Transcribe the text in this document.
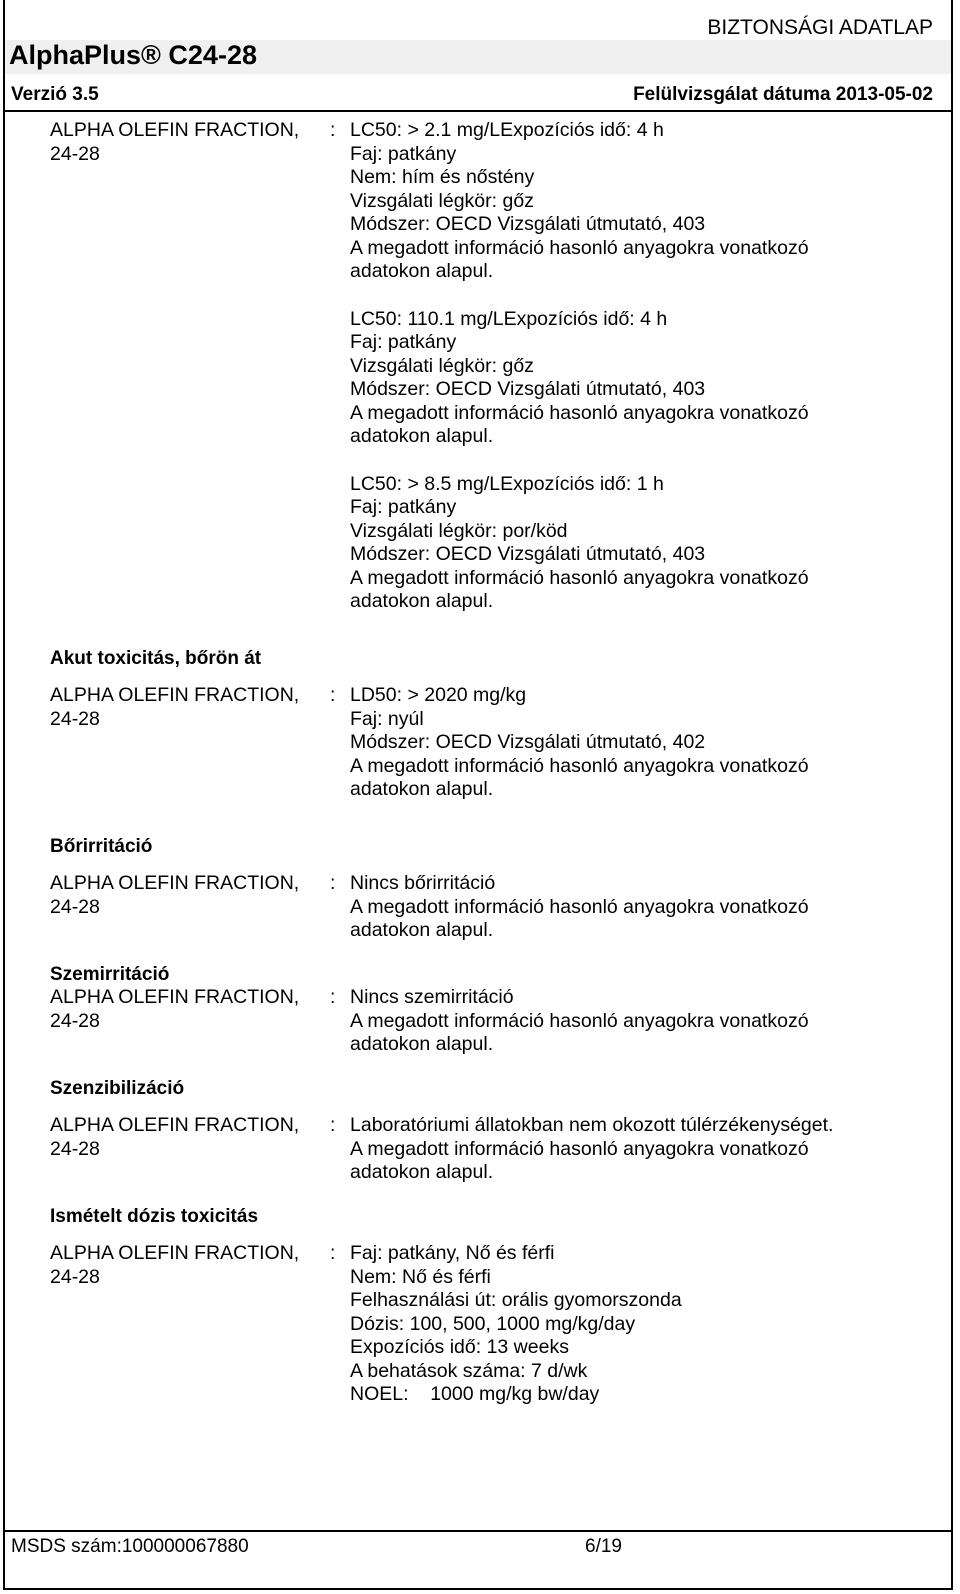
BIZTONSÁGI ADATLAP
AlphaPlus® C24-28
Verzió 3.5	Felülvizsgálat dátuma 2013-05-02

ALPHA OLEFIN FRACTION,

24-28

: LC50: > 2.1 mg/LExpozíciós idő: 4 h

Faj: patkány

Nem: hím és nőstény

Vizsgálati légkör: gőz

Módszer: OECD Vizsgálati útmutató, 403

A megadott információ hasonló anyagokra vonatkozó

adatokon alapul.

LC50: 110.1 mg/LExpozíciós idő: 4 h

Faj: patkány

Vizsgálati légkör: gőz

Módszer: OECD Vizsgálati útmutató, 403

A megadott információ hasonló anyagokra vonatkozó

adatokon alapul.

LC50: > 8.5 mg/LExpozíciós idő: 1 h

Faj: patkány

Vizsgálati légkör: por/köd

Módszer: OECD Vizsgálati útmutató, 403

A megadott információ hasonló anyagokra vonatkozó

adatokon alapul.

Akut toxicitás, bőrön át

ALPHA OLEFIN FRACTION,

24-28

: LD50: > 2020 mg/kg

Faj: nyúl

Módszer: OECD Vizsgálati útmutató, 402

A megadott információ hasonló anyagokra vonatkozó

adatokon alapul.

Bőrirritáció

ALPHA OLEFIN FRACTION,

24-28

: Nincs bőrirritáció

A megadott információ hasonló anyagokra vonatkozó

adatokon alapul.

Szemirritáció

ALPHA OLEFIN FRACTION,

24-28

: Nincs szemirritáció

A megadott információ hasonló anyagokra vonatkozó

adatokon alapul.

Szenzibilizáció

ALPHA OLEFIN FRACTION,

24-28

: Laboratóriumi állatokban nem okozott túlérzékenységet.

A megadott információ hasonló anyagokra vonatkozó

adatokon alapul.

Ismételt dózis toxicitás

ALPHA OLEFIN FRACTION,

24-28

: Faj: patkány, Nő és férfi

Nem: Nő és férfi

Felhasználási út: orális gyomorszonda

Dózis: 100, 500, 1000 mg/kg/day

Expozíciós idő: 13 weeks

A behatások száma: 7 d/wk

NOEL:    1000 mg/kg bw/day

MSDS szám:100000067880	6/19
